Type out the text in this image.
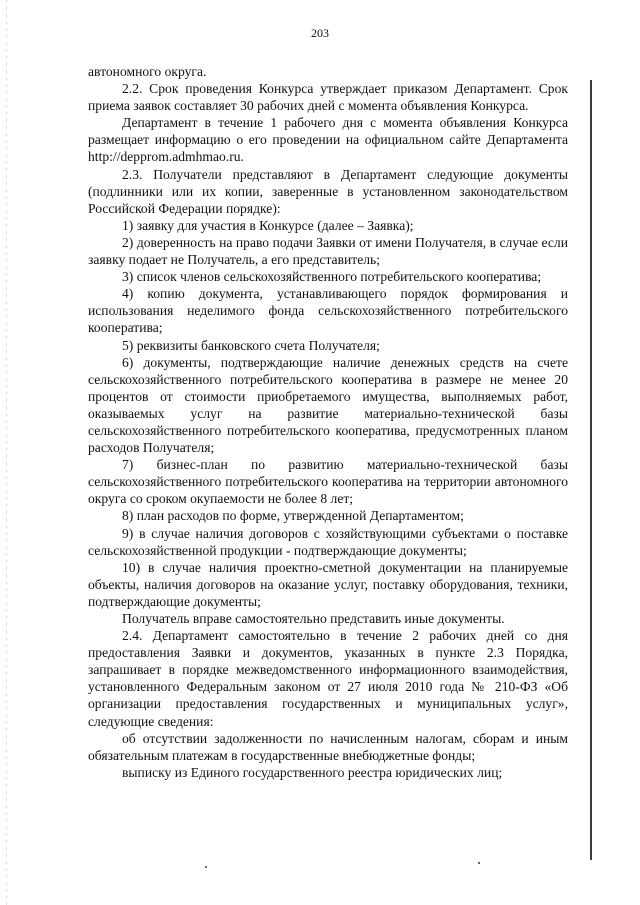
203

автономного округа.

2.2. Срок проведения Конкурса утверждает приказом Департамент. Срок приема заявок составляет 30 рабочих дней с момента объявления Конкурса.

Департамент в течение 1 рабочего дня с момента объявления Конкурса размещает информацию о его проведении на официальном сайте Департамента http://depprom.admhmao.ru.

2.3. Получатели представляют в Департамент следующие документы (подлинники или их копии, заверенные в установленном законодательством Российской Федерации порядке):

1) заявку для участия в Конкурсе (далее – Заявка);

2) доверенность на право подачи Заявки от имени Получателя, в случае если заявку подает не Получатель, а его представитель;

3) список членов сельскохозяйственного потребительского кооператива;

4) копию документа, устанавливающего порядок формирования и использования неделимого фонда сельскохозяйственного потребительского кооператива;

5) реквизиты банковского счета Получателя;

6) документы, подтверждающие наличие денежных средств на счете сельскохозяйственного потребительского кооператива в размере не менее 20 процентов от стоимости приобретаемого имущества, выполняемых работ, оказываемых услуг на развитие материально-технической базы сельскохозяйственного потребительского кооператива, предусмотренных планом расходов Получателя;

7) бизнес-план по развитию материально-технической базы сельскохозяйственного потребительского кооператива на территории автономного округа со сроком окупаемости не более 8 лет;

8) план расходов по форме, утвержденной Департаментом;

9) в случае наличия договоров с хозяйствующими субъектами о поставке сельскохозяйственной продукции - подтверждающие документы;

10) в случае наличия проектно-сметной документации на планируемые объекты, наличия договоров на оказание услуг, поставку оборудования, техники, подтверждающие документы;

Получатель вправе самостоятельно представить иные документы.

2.4. Департамент самостоятельно в течение 2 рабочих дней со дня предоставления Заявки и документов, указанных в пункте 2.3 Порядка, запрашивает в порядке межведомственного информационного взаимодействия, установленного Федеральным законом от 27 июля 2010 года № 210-ФЗ «Об организации предоставления государственных и муниципальных услуг», следующие сведения:

об отсутствии задолженности по начисленным налогам, сборам и иным обязательным платежам в государственные внебюджетные фонды;

выписку из Единого государственного реестра юридических лиц;
